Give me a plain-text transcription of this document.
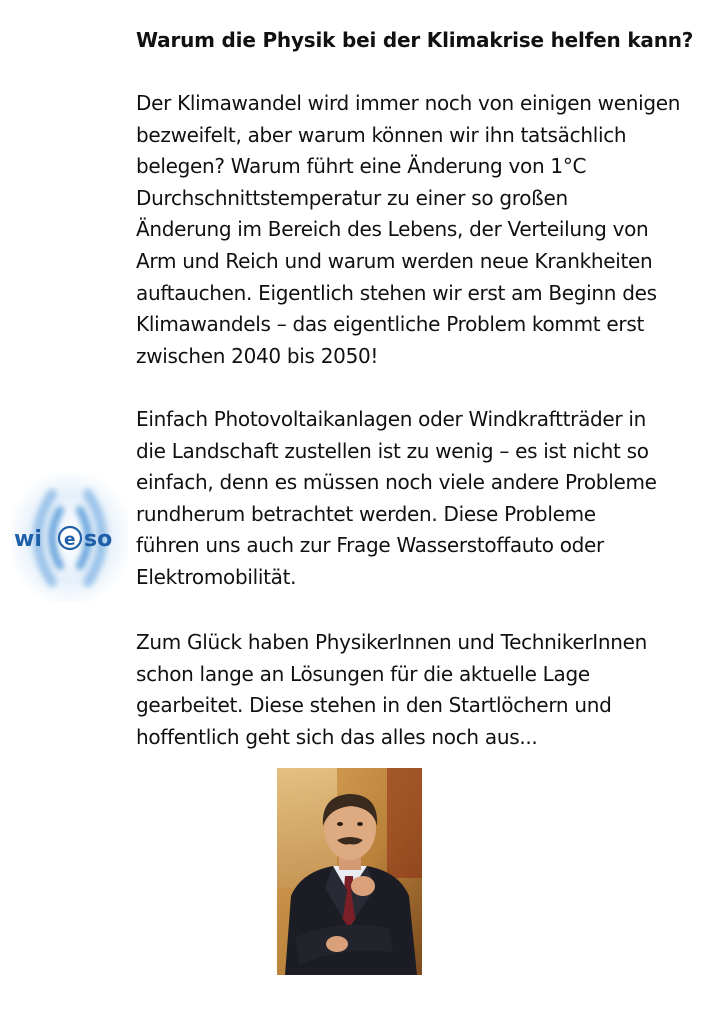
Warum die Physik bei der Klimakrise helfen kann?

Der Klimawandel wird immer noch von einigen wenigen
bezweifelt, aber warum können wir ihn tatsächlich
belegen? Warum führt eine Änderung von 1°C
Durchschnittstemperatur zu einer so großen
Änderung im Bereich des Lebens, der Verteilung von
Arm und Reich und warum werden neue Krankheiten
auftauchen. Eigentlich stehen wir erst am Beginn des
Klimawandels – das eigentliche Problem kommt erst
zwischen 2040 bis 2050!

Einfach Photovoltaikanlagen oder Windkraftträder in
die Landschaft zustellen ist zu wenig – es ist nicht so
einfach, denn es müssen noch viele andere Probleme
rundherum betrachtet werden. Diese Probleme
führen uns auch zur Frage Wasserstoffauto oder
Elektromobilität.

Zum Glück haben PhysikerInnen und TechnikerInnen
schon lange an Lösungen für die aktuelle Lage
gearbeitet. Diese stehen in den Startlöchern und
hoffentlich geht sich das alles noch aus...

wi e so
